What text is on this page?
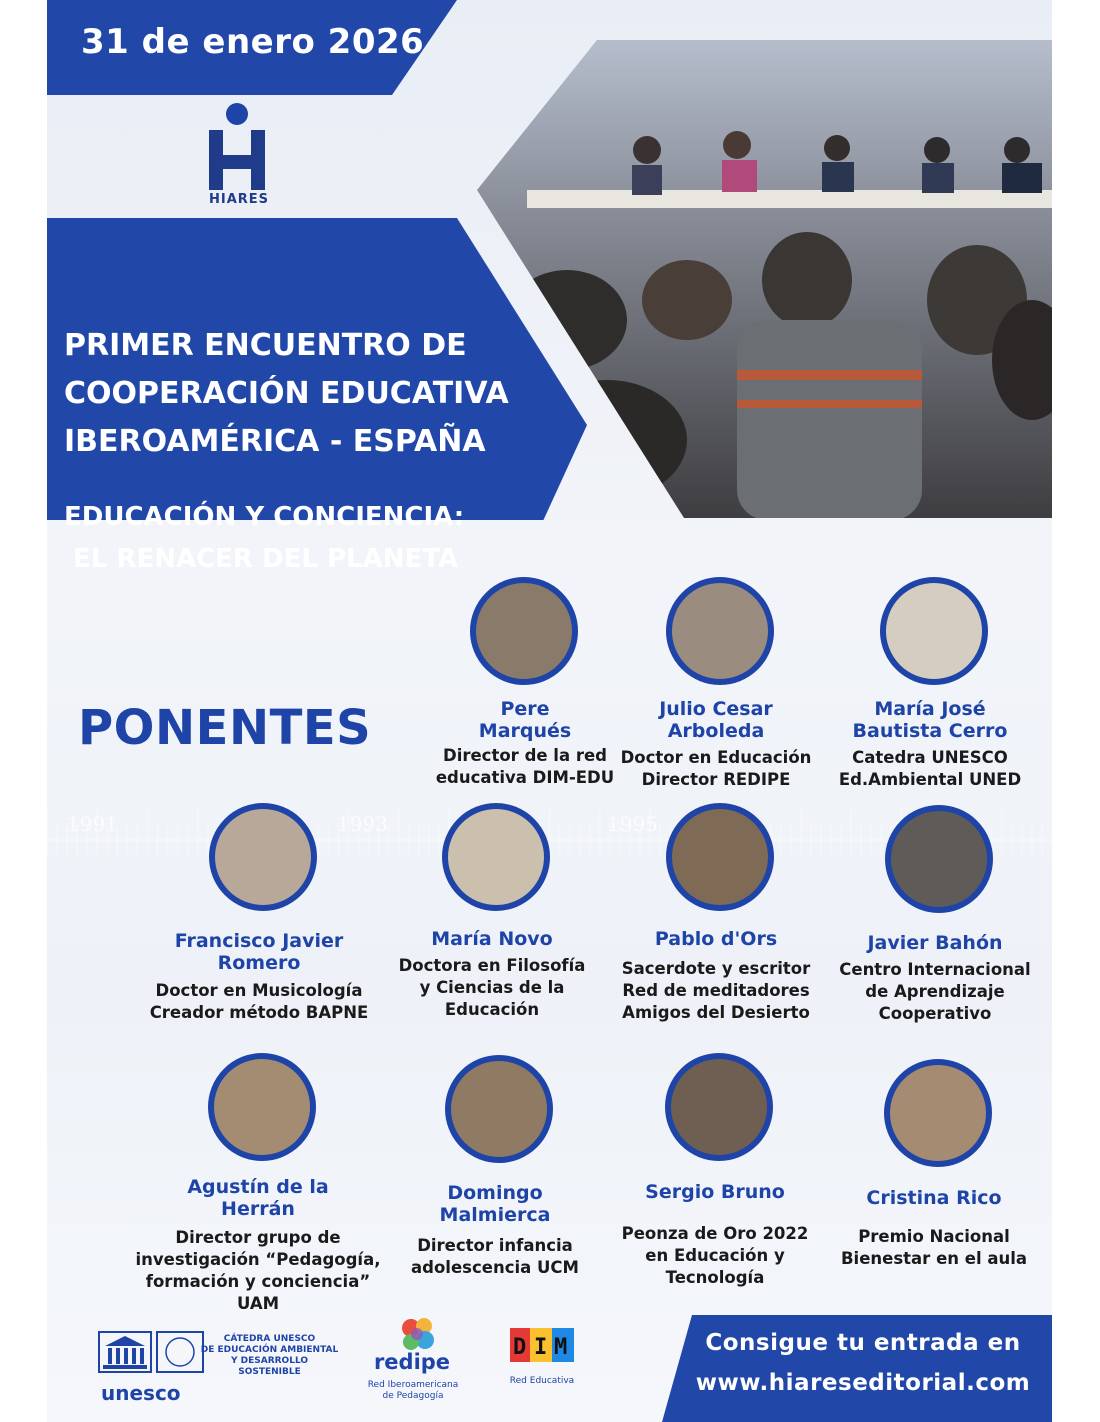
1991	1993	1995
31 de enero 2026
HIARES
PRIMER ENCUENTRO DE
COOPERACIÓN EDUCATIVA
IBEROAMÉRICA - ESPAÑA
EDUCACIÓN Y CONCIENCIA:
EL RENACER DEL PLANETA
PONENTES	Pere
Marqués
Director de la red
educativa DIM-EDU
Julio Cesar
Arboleda
Doctor en Educación
Director REDIPE
María José
Bautista Cerro
Catedra UNESCO
Ed.Ambiental UNED
Francisco Javier
Romero
Doctor en Musicología
Creador método BAPNE
María Novo
Doctora en Filosofía
y Ciencias de la
Educación
Pablo d'Ors
Sacerdote y escritor
Red de meditadores
Amigos del Desierto
Javier Bahón
Centro Internacional
de Aprendizaje
Cooperativo
Agustín de la
Herrán
Director grupo de
investigación “Pedagogía,
formación y conciencia”
UAM
Domingo
Malmierca
Director infancia
adolescencia UCM
Sergio Bruno
Peonza de Oro 2022
en Educación y
Tecnología
Cristina Rico
Premio Nacional
Bienestar en el aula
Consigue tu entrada en
www.hiareseditorial.com
unesco
CÁTEDRA UNESCO
DE EDUCACIÓN AMBIENTAL
Y DESARROLLO
SOSTENIBLE	redipe
Red Iberoamericana
de Pedagogía
D I M
Red Educativa
